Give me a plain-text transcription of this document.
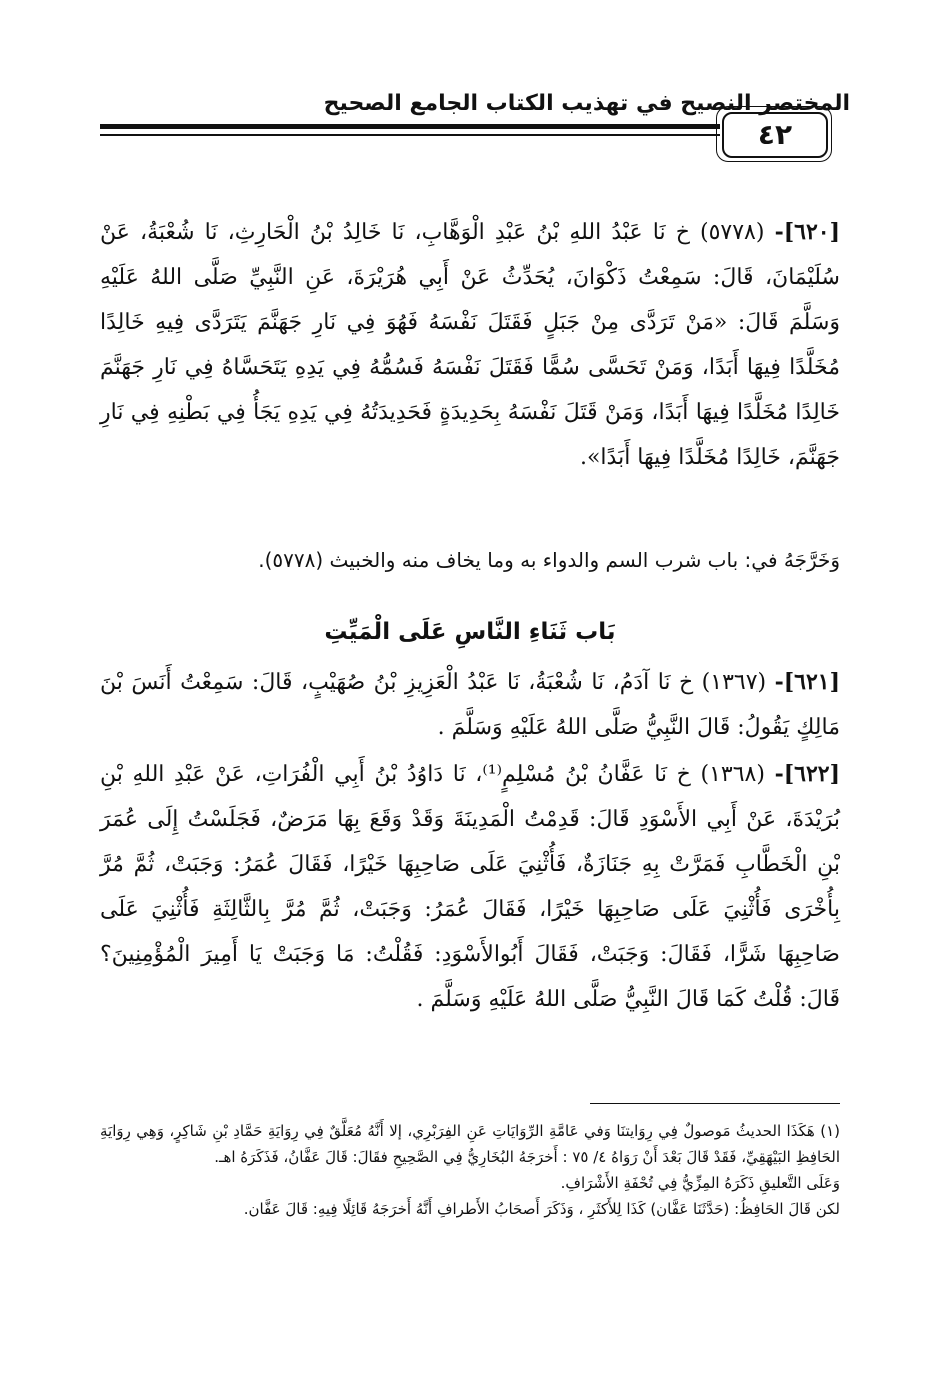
المختصر النصيح في تهذيب الكتاب الجامع الصحيح
٤٢

[٦٢٠]- (٥٧٧٨) خ نَا عَبْدُ اللهِ بْنُ عَبْدِ الْوَهَّابِ، نَا خَالِدُ بْنُ الْحَارِثِ، نَا شُعْبَةُ، عَنْ سُلَيْمَانَ، قَالَ: سَمِعْتُ ذَكْوَانَ، يُحَدِّثُ عَنْ أَبِي هُرَيْرَةَ، عَنِ النَّبِيِّ صَلَّى اللهُ عَلَيْهِ وَسَلَّمَ قَالَ: «مَنْ تَرَدَّى مِنْ جَبَلٍ فَقَتَلَ نَفْسَهُ فَهُوَ فِي نَارِ جَهَنَّمَ يَتَرَدَّى فِيهِ خَالِدًا مُخَلَّدًا فِيهَا أَبَدًا، وَمَنْ تَحَسَّى سُمًّا فَقَتَلَ نَفْسَهُ فَسُمُّهُ فِي يَدِهِ يَتَحَسَّاهُ فِي نَارِ جَهَنَّمَ خَالِدًا مُخَلَّدًا فِيهَا أَبَدًا، وَمَنْ قَتَلَ نَفْسَهُ بِحَدِيدَةٍ فَحَدِيدَتُهُ فِي يَدِهِ يَجَأُ فِي بَطْنِهِ فِي نَارِ جَهَنَّمَ، خَالِدًا مُخَلَّدًا فِيهَا أَبَدًا».

وَخَرَّجَهُ في: باب شرب السم والدواء به وما يخاف منه والخبيث (٥٧٧٨).
بَاب ثَنَاءِ النَّاسِ عَلَى الْمَيِّتِ

[٦٢١]- (١٣٦٧) خ نَا آدَمُ، نَا شُعْبَةُ، نَا عَبْدُ الْعَزِيزِ بْنُ صُهَيْبٍ، قَالَ: سَمِعْتُ أَنَسَ بْنَ مَالِكٍ يَقُولُ: قَالَ النَّبِيُّ صَلَّى اللهُ عَلَيْهِ وَسَلَّمَ .

[٦٢٢]- (١٣٦٨) خ نَا عَفَّانُ بْنُ مُسْلِمٍ⁽¹⁾، نَا دَاوُدُ بْنُ أَبِي الْفُرَاتِ، عَنْ عَبْدِ اللهِ بْنِ بُرَيْدَةَ، عَنْ أَبِي الأَسْوَدِ قَالَ: قَدِمْتُ الْمَدِينَةَ وَقَدْ وَقَعَ بِهَا مَرَضٌ، فَجَلَسْتُ إِلَى عُمَرَ بْنِ الْخَطَّابِ فَمَرَّتْ بِهِ جَنَازَةٌ، فَأُثْنِيَ عَلَى صَاحِبِهَا خَيْرًا، فَقَالَ عُمَرُ: وَجَبَتْ، ثُمَّ مُرَّ بِأُخْرَى فَأُثْنِيَ عَلَى صَاحِبِهَا خَيْرًا، فَقَالَ عُمَرُ: وَجَبَتْ، ثُمَّ مُرَّ بِالثَّالِثَةِ فَأُثْنِيَ عَلَى صَاحِبِهَا شَرًّا، فَقَالَ: وَجَبَتْ، فَقَالَ أَبُوالأَسْوَدِ: فَقُلْتُ: مَا وَجَبَتْ يَا أَمِيرَ الْمُؤْمِنِينَ؟ قَالَ: قُلْتُ كَمَا قَالَ النَّبِيُّ صَلَّى اللهُ عَلَيْهِ وَسَلَّمَ .

(١) هَكَذَا الحديثُ مَوصولٌ فِي رِوَايتنَا وَفي عَامَّةِ الرِّوَايَاتِ عَنِ الفِرَبْرِي، إلا أَنَّهُ مُعَلَّقٌ فِي رِوَايَةِ حَمَّادِ بْنِ شَاكِرٍ، وَهِي رِوَايَةِ الحَافِظِ البَيْهَقِيِّ، فَقَدْ قَالَ بَعْدَ أَنْ رَوَاهُ ٤/ ٧٥ : أَخرَجَهُ البُخَارِيُّ فِي الصَّحِيحِ فقَالَ: قَالَ عَفَّانُ، فَذَكَرَهُ اهـ.

وَعَلَى التَّعليقِ ذَكَرَهُ المِزِّيُّ فِي تُحْفَةِ الأَشْرَافِ.

لكن قَالَ الحَافِظُ: (حَدَّثَنَا عَفَّان) كَذَا لِلأَكثَرِ ، وَذَكَرَ أَصحَابُ الأَطرافِ أَنَّهُ أَخرَجَهُ قَائِلًا فِيهِ: قَالَ عَفَّان.
